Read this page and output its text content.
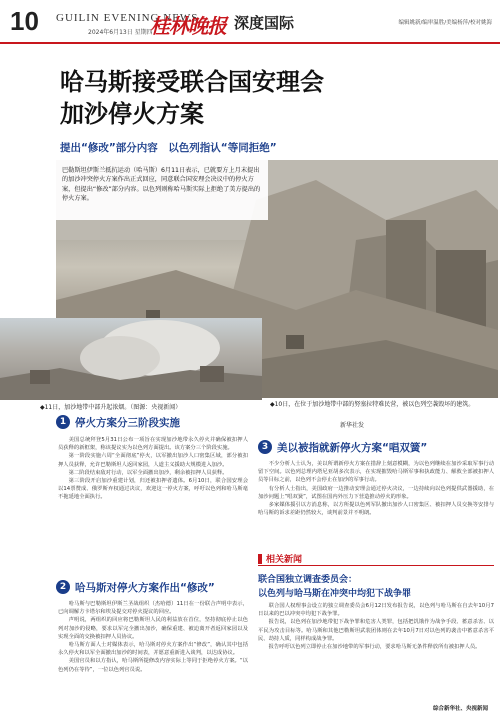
10 GUILIN EVENING NEWS
2024年6月13日 星期四
桂林晚报 深度国际	编辑姚新/编审温胜/美编杨萍/校对姚海
哈马斯接受联合国安理会
加沙停火方案
提出“修改”部分内容　以色列指认“等同拒绝”
巴勒斯坦伊斯兰抵抗运动（哈马斯）6月11日表示，已就要方上月末提出的加沙冲突停火方案作出正式回应，同意联合国安理会决议中的停火方案，但提出“修改”部分内容。以色列则称哈马斯实际上拒绝了美方提出的停火方案。
◆10日，在位于加沙地带中部的努塞拉特难民营，被以色列空袭毁坏的建筑。
新华社发
◆11日，加沙地带中部升起浓烟。（图源：央视新闻）
1 停火方案分三阶段实施

美国总统拜登5月31日公布一项旨在实现加沙地带永久停火并确保被扣押人员获释的新框架，称该提议实为以色列方面提出。该方案分三个阶段实施。

第一阶段实施六周“全面彻底”停火，以军撤出加沙人口密集区域，部分被扣押人员获释，允许巴勒斯坦人返回家园，人道主义援助大规模进入加沙。

第二阶段结束敌对行动，以军全面撤出加沙，剩余被扣押人员获释。

第三阶段开启加沙重建计划，归还被扣押者遗体。6月10日，联合国安理会以14票赞成、俄罗斯弃权通过决议，欢迎这一停火方案，呼吁以色列和哈马斯毫不拖延地全面执行。

2 哈马斯对停火方案作出“修改”

哈马斯与巴勒斯坦伊斯兰圣战组织（杰哈德）11日在一份联合声明中表示，已向调解方卡塔尔和埃及提交对停火提议的回应。

声明说，两组织的回应将巴勒斯坦人民的利益放在首位，坚持彻底停止以色列对加沙的侵略，要求以军完全撤出加沙，确保重建、被迫离开者返回家园以及实现全面的交换被扣押人员协议。

哈马斯方面人士对媒体表示，哈马斯对停火方案作出“修改”，确认其中包括永久停火和以军全面撤出加沙的时间表，并愿意重新进入谈判，以达成协议。

美国官员和以方指认，哈马斯所提修改内容实际上等同于拒绝停火方案。“以色列仍在等待”，一位以色列官员说。

3 美以被指就新停火方案“唱双簧”

不少分析人士认为，美以所谓新停火方案在措辞上刻意模糊，为以色列继续在加沙采取军事行动留下空间。以色列总理内塔尼亚胡多次表示，在实现摧毁哈马斯军事和执政能力、解救全部被扣押人员等目标之前，以色列不会停止在加沙的军事行动。

有分析人士指出，美国政府一边推动安理会通过停火决议，一边持续向以色列提供武器援助，在加沙问题上“唱双簧”，试图在国内外压力下营造推动停火的形象。

多家媒体援引以方消息称，以方所提以色列军队撤出加沙人口密集区、被扣押人员交换等安排与哈马斯的诉求差距仍然较大，谈判前景并不明朗。

相关新闻
联合国独立调查委员会：
以色列与哈马斯在冲突中均犯下战争罪

联合国人权理事会设立的独立调查委员会6月12日发布报告说，以色列与哈马斯在自去年10月7日以来的巴以冲突中均犯下战争罪。

报告说，以色列在加沙地带犯下战争罪和危害人类罪，包括把饥饿作为战争手段、蓄意杀害、以平民为攻击目标等。哈马斯和其他巴勒斯坦武装团体则在去年10月7日对以色列的袭击中蓄意杀害平民、劫持人质，同样构成战争罪。

报告呼吁以色列立即停止在加沙地带的军事行动，要求哈马斯无条件释放所有被扣押人员。

综合新华社、央视新闻
